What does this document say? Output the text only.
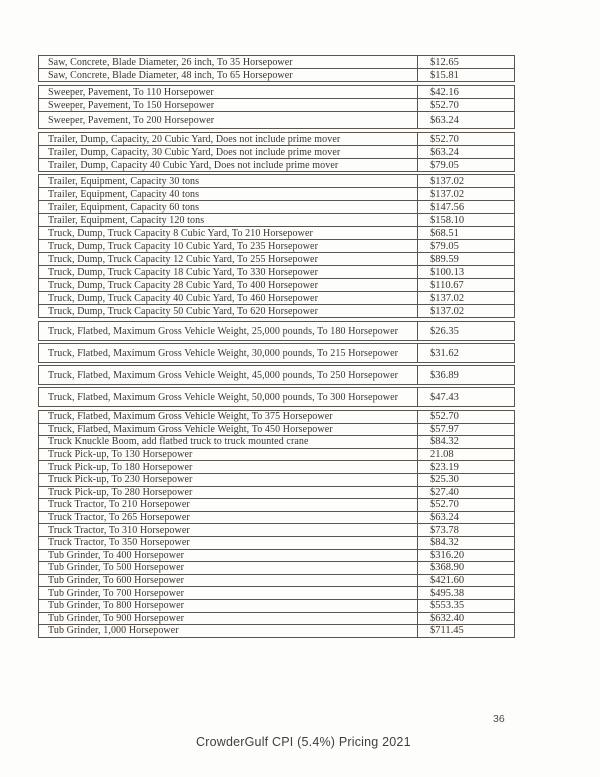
Saw, Concrete, Blade Diameter, 26 inch, To 35 Horsepower	$12.65
Saw, Concrete, Blade Diameter, 48 inch, To 65 Horsepower	$15.81
Sweeper, Pavement, To 110 Horsepower	$42.16
Sweeper, Pavement, To 150 Horsepower	$52.70
Sweeper, Pavement, To 200 Horsepower	$63.24
Trailer, Dump, Capacity, 20 Cubic Yard, Does not include prime mover	$52.70
Trailer, Dump, Capacity, 30 Cubic Yard, Does not include prime mover	$63.24
Trailer, Dump, Capacity 40 Cubic Yard, Does not include prime mover	$79.05
Trailer, Equipment, Capacity 30 tons	$137.02
Trailer, Equipment, Capacity 40 tons	$137.02
Trailer, Equipment, Capacity 60 tons	$147.56
Trailer, Equipment, Capacity 120 tons	$158.10
Truck, Dump, Truck Capacity 8 Cubic Yard, To 210 Horsepower	$68.51
Truck, Dump, Truck Capacity 10 Cubic Yard, To 235 Horsepower	$79.05
Truck, Dump, Truck Capacity 12 Cubic Yard, To 255 Horsepower	$89.59
Truck, Dump, Truck Capacity 18 Cubic Yard, To 330 Horsepower	$100.13
Truck, Dump, Truck Capacity 28 Cubic Yard, To 400 Horsepower	$110.67
Truck, Dump, Truck Capacity 40 Cubic Yard, To 460 Horsepower	$137.02
Truck, Dump, Truck Capacity 50 Cubic Yard, To 620 Horsepower	$137.02
Truck, Flatbed, Maximum Gross Vehicle Weight, 25,000 pounds, To 180 Horsepower	$26.35
Truck, Flatbed, Maximum Gross Vehicle Weight, 30,000 pounds, To 215 Horsepower	$31.62
Truck, Flatbed, Maximum Gross Vehicle Weight, 45,000 pounds, To 250 Horsepower	$36.89
Truck, Flatbed, Maximum Gross Vehicle Weight, 50,000 pounds, To 300 Horsepower	$47.43
Truck, Flatbed, Maximum Gross Vehicle Weight, To 375 Horsepower	$52.70
Truck, Flatbed, Maximum Gross Vehicle Weight, To 450 Horsepower	$57.97
Truck Knuckle Boom, add flatbed truck to truck mounted crane	$84.32
Truck Pick-up, To 130 Horsepower	21.08
Truck Pick-up, To 180 Horsepower	$23.19
Truck Pick-up, To 230 Horsepower	$25.30
Truck Pick-up, To 280 Horsepower	$27.40
Truck Tractor, To 210 Horsepower	$52.70
Truck Tractor, To 265 Horsepower	$63.24
Truck Tractor, To 310 Horsepower	$73.78
Truck Tractor, To 350 Horsepower	$84.32
Tub Grinder, To 400 Horsepower	$316.20
Tub Grinder, To 500 Horsepower	$368.90
Tub Grinder, To 600 Horsepower	$421.60
Tub Grinder, To 700 Horsepower	$495.38
Tub Grinder, To 800 Horsepower	$553.35
Tub Grinder, To 900 Horsepower	$632.40
Tub Grinder, 1,000 Horsepower	$711.45
36
CrowderGulf CPI (5.4%) Pricing 2021
